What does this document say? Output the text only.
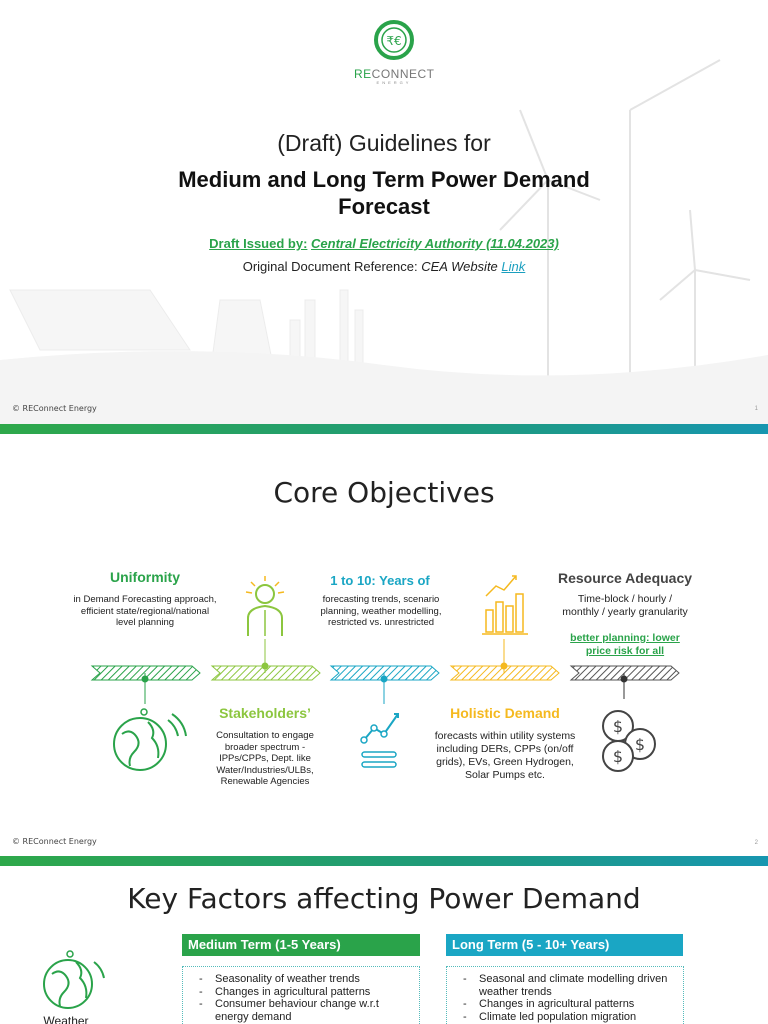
₹€
RECONNECT
ENERGY
(Draft) Guidelines for
Medium and Long Term Power Demand
Forecast
Draft Issued by: Central Electricity Authority (11.04.2023)
Original Document Reference: CEA Website Link
© REConnect Energy	1
Core Objectives
Uniformity
in Demand Forecasting approach, efficient state/regional/national level planning
Stakeholders’
Consultation to engage broader spectrum - IPPs/CPPs, Dept. like Water/Industries/ULBs, Renewable Agencies
1 to 10: Years of
forecasting trends, scenario planning, weather modelling, restricted vs. unrestricted
Holistic Demand
forecasts within utility systems including DERs, CPPs (on/off grids), EVs, Green Hydrogen, Solar Pumps etc.
Resource Adequacy
Time-block / hourly / monthly / yearly granularity
better planning: lower price risk for all
$
$
$
© REConnect Energy	2
Key Factors affecting Power Demand
Weather
Medium Term (1-5 Years)
- Seasonality of weather trends
- Changes in agricultural patterns
- Consumer behaviour change w.r.t energy demand
Long Term (5 - 10+ Years)
- Seasonal and climate modelling driven weather trends
- Changes in agricultural patterns
- Climate led population migration
